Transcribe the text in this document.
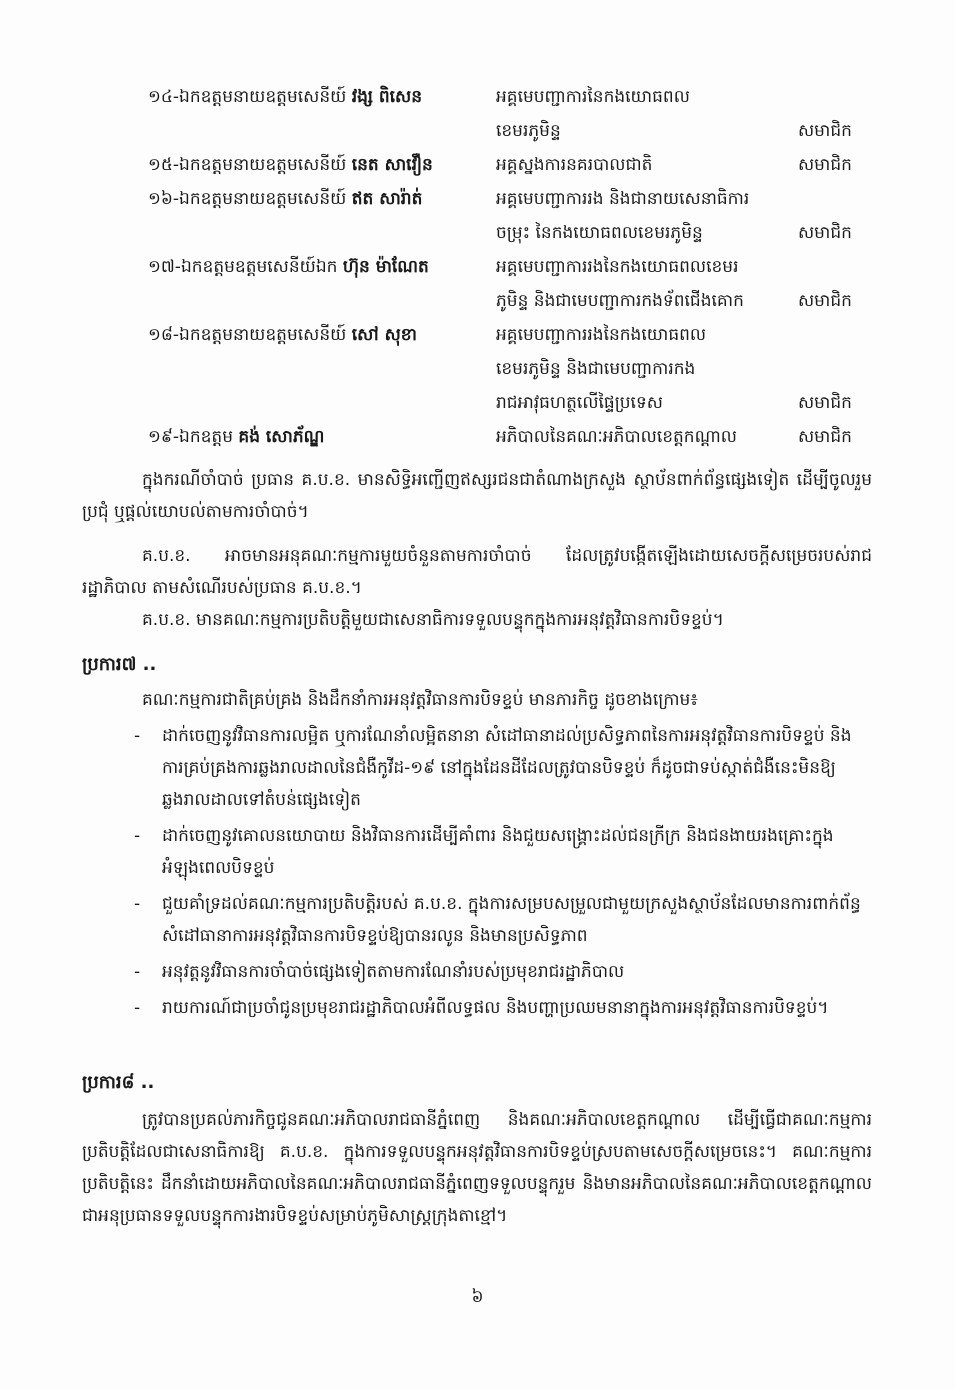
១៤-ឯកឧត្តមនាយឧត្តមសេនីយ៍ វង្ស ពិសេន	អគ្គមេបញ្ជាការនៃកងយោធពល
ខេមរភូមិន្ទ	សមាជិក
១៥-ឯកឧត្តមនាយឧត្តមសេនីយ៍ នេត សាវឿន	អគ្គស្នងការនគរបាលជាតិ	សមាជិក
១៦-ឯកឧត្តមនាយឧត្តមសេនីយ៍ ឥត សារ៉ាត់	អគ្គមេបញ្ជាការរង និងជានាយសេនាធិការ
ចម្រុះ នៃកងយោធពលខេមរភូមិន្ទ	សមាជិក
១៧-ឯកឧត្តមឧត្តមសេនីយ៍ឯក ហ៊ុន ម៉ាណែត	អគ្គមេបញ្ជាការរងនៃកងយោធពលខេមរ
ភូមិន្ទ និងជាមេបញ្ជាការកងទ័ពជើងគោក	សមាជិក
១៨-ឯកឧត្តមនាយឧត្តមសេនីយ៍ សៅ សុខា	អគ្គមេបញ្ជាការរងនៃកងយោធពល
ខេមរភូមិន្ទ និងជាមេបញ្ជាការកង
រាជអាវុធហត្ថលើផ្ទៃប្រទេស	សមាជិក
១៩-ឯកឧត្តម គង់ សោភ័ណ្ឌ	អភិបាលនៃគណៈអភិបាលខេត្តកណ្ដាល	សមាជិក

ក្នុងករណីចាំបាច់ ប្រធាន គ.ប.ខ. មានសិទ្ធិអញ្ជើញឥស្សរជនជាតំណាងក្រសួង ស្ថាប័នពាក់ព័ន្ធផ្សេងទៀត ដើម្បីចូលរួមប្រជុំ ឬផ្ដល់យោបល់តាមការចាំបាច់។

គ.ប.ខ. អាចមានអនុគណៈកម្មការមួយចំនួនតាមការចាំបាច់ ដែលត្រូវបង្កើតឡើងដោយសេចក្ដីសម្រេចរបស់រាជរដ្ឋាភិបាល តាមសំណើរបស់ប្រធាន គ.ប.ខ.។

គ.ប.ខ. មានគណៈកម្មការប្រតិបត្តិមួយជាសេនាធិការទទួលបន្ទុកក្នុងការអនុវត្តវិធានការបិទខ្ទប់។

ប្រការ៧ ..

គណៈកម្មការជាតិគ្រប់គ្រង និងដឹកនាំការអនុវត្តវិធានការបិទខ្ទប់ មានភារកិច្ច ដូចខាងក្រោម៖

- ដាក់ចេញនូវវិធានការលម្អិត ឬការណែនាំលម្អិតនានា សំដៅធានាដល់ប្រសិទ្ធភាពនៃការអនុវត្តវិធានការបិទខ្ទប់ និងការគ្រប់គ្រងការឆ្លងរាលដាលនៃជំងឺកូវីដ-១៩ នៅក្នុងដែនដីដែលត្រូវបានបិទខ្ទប់ ក៏ដូចជាទប់ស្កាត់ជំងឺនេះមិនឱ្យឆ្លងរាលដាលទៅតំបន់ផ្សេងទៀត
- ដាក់ចេញនូវគោលនយោបាយ និងវិធានការដើម្បីគាំពារ និងជួយសង្គ្រោះដល់ជនក្រីក្រ និងជនងាយរងគ្រោះក្នុងអំឡុងពេលបិទខ្ទប់
- ជួយគាំទ្រដល់គណៈកម្មការប្រតិបត្តិរបស់ គ.ប.ខ. ក្នុងការសម្របសម្រួលជាមួយក្រសួងស្ថាប័នដែលមានការពាក់ព័ន្ធសំដៅធានាការអនុវត្តវិធានការបិទខ្ទប់ឱ្យបានរលូន និងមានប្រសិទ្ធភាព
- អនុវត្តនូវវិធានការចាំបាច់ផ្សេងទៀតតាមការណែនាំរបស់ប្រមុខរាជរដ្ឋាភិបាល
- រាយការណ៍ជាប្រចាំជូនប្រមុខរាជរដ្ឋាភិបាលអំពីលទ្ធផល និងបញ្ហាប្រឈមនានាក្នុងការអនុវត្តវិធានការបិទខ្ទប់។
ប្រការ៨ ..

ត្រូវបានប្រគល់ភារកិច្ចជូនគណៈអភិបាលរាជធានីភ្នំពេញ និងគណៈអភិបាលខេត្តកណ្ដាល ដើម្បីធ្វើជាគណៈកម្មការប្រតិបត្តិដែលជាសេនាធិការឱ្យ គ.ប.ខ. ក្នុងការទទួលបន្ទុកអនុវត្តវិធានការបិទខ្ទប់ស្របតាមសេចក្ដីសម្រេចនេះ។ គណៈកម្មការប្រតិបត្តិនេះ ដឹកនាំដោយអភិបាលនៃគណៈអភិបាលរាជធានីភ្នំពេញទទួលបន្ទុករួម និងមានអភិបាលនៃគណៈអភិបាលខេត្តកណ្ដាលជាអនុប្រធានទទួលបន្ទុកការងារបិទខ្ទប់សម្រាប់ភូមិសាស្ត្រក្រុងតាខ្មៅ។

៦
